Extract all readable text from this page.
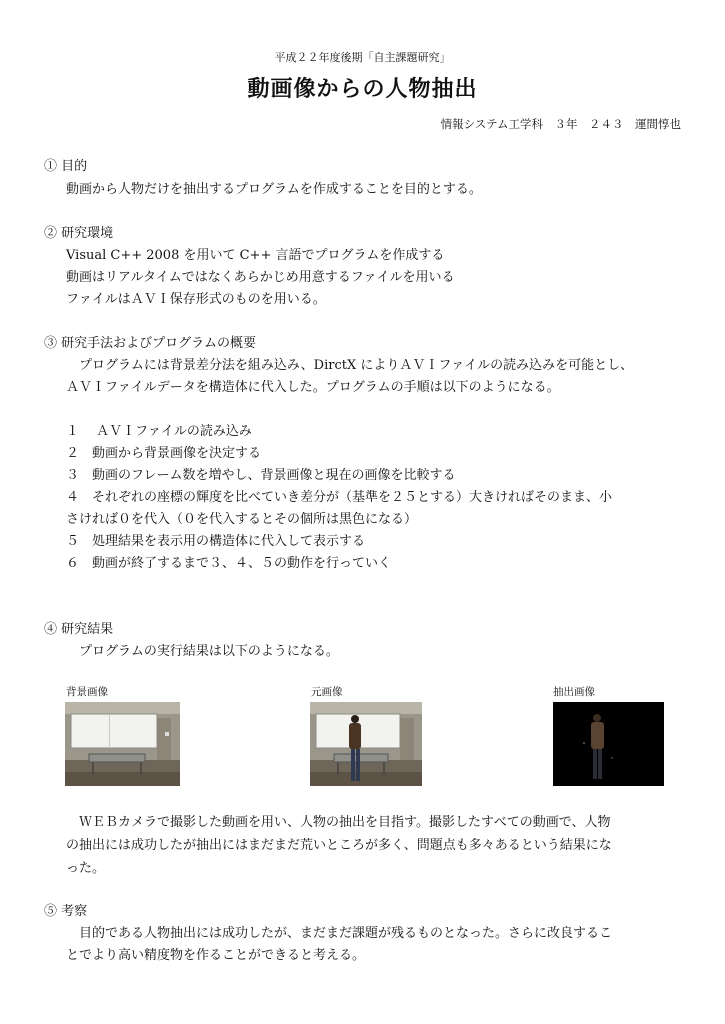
平成２２年度後期「自主課題研究」
動画像からの人物抽出
情報システム工学科　３年　２４３　運間惇也
① 目的
動画から人物だけを抽出するプログラムを作成することを目的とする。
② 研究環境
Visual C++ 2008 を用いて C++ 言語でプログラムを作成する
動画はリアルタイムではなくあらかじめ用意するファイルを用いる
ファイルはＡＶＩ保存形式のものを用いる。
③ 研究手法およびプログラムの概要
　プログラムには背景差分法を組み込み、DirctX によりＡＶＩファイルの読み込みを可能とし、
ＡＶＩファイルデータを構造体に代入した。プログラムの手順は以下のようになる。
１　 ＡＶＩファイルの読み込み
２　動画から背景画像を決定する
３　動画のフレーム数を増やし、背景画像と現在の画像を比較する
４　それぞれの座標の輝度を比べていき差分が（基準を２５とする）大きければそのまま、小
さければ０を代入（０を代入するとその個所は黒色になる）
５　処理結果を表示用の構造体に代入して表示する
６　動画が終了するまで３、４、５の動作を行っていく
④ 研究結果
　プログラムの実行結果は以下のようになる。
背景画像	元画像	抽出画像
　ＷＥＢカメラで撮影した動画を用い、人物の抽出を目指す。撮影したすべての動画で、人物
の抽出には成功したが抽出にはまだまだ荒いところが多く、問題点も多々あるという結果にな
った。
⑤ 考察
　目的である人物抽出には成功したが、まだまだ課題が残るものとなった。さらに改良するこ
とでより高い精度物を作ることができると考える。
